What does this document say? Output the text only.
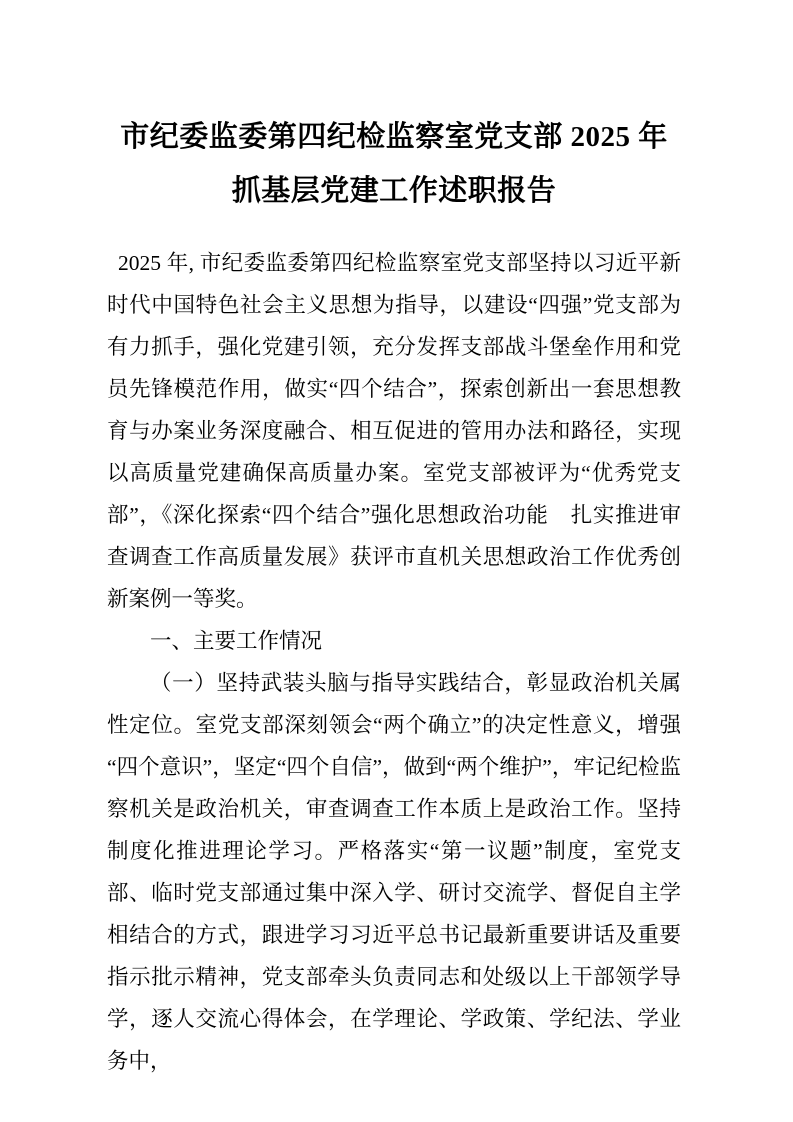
市纪委监委第四纪检监察室党支部 2025 年
抓基层党建工作述职报告

2025 年, 市纪委监委第四纪检监察室党支部坚持以习近平新时代中国特色社会主义思想为指导，以建设“四强”党支部为有力抓手，强化党建引领，充分发挥支部战斗堡垒作用和党员先锋模范作用，做实“四个结合”，探索创新出一套思想教育与办案业务深度融合、相互促进的管用办法和路径，实现以高质量党建确保高质量办案。室党支部被评为“优秀党支部”，《深化探索“四个结合”强化思想政治功能　扎实推进审查调查工作高质量发展》获评市直机关思想政治工作优秀创新案例一等奖。

一、主要工作情况

（一）坚持武装头脑与指导实践结合，彰显政治机关属性定位。室党支部深刻领会“两个确立”的决定性意义，增强“四个意识”，坚定“四个自信”，做到“两个维护”，牢记纪检监察机关是政治机关，审查调查工作本质上是政治工作。坚持制度化推进理论学习。严格落实“第一议题”制度，室党支部、临时党支部通过集中深入学、研讨交流学、督促自主学相结合的方式，跟进学习习近平总书记最新重要讲话及重要指示批示精神，党支部牵头负责同志和处级以上干部领学导学，逐人交流心得体会，在学理论、学政策、学纪法、学业务中，
